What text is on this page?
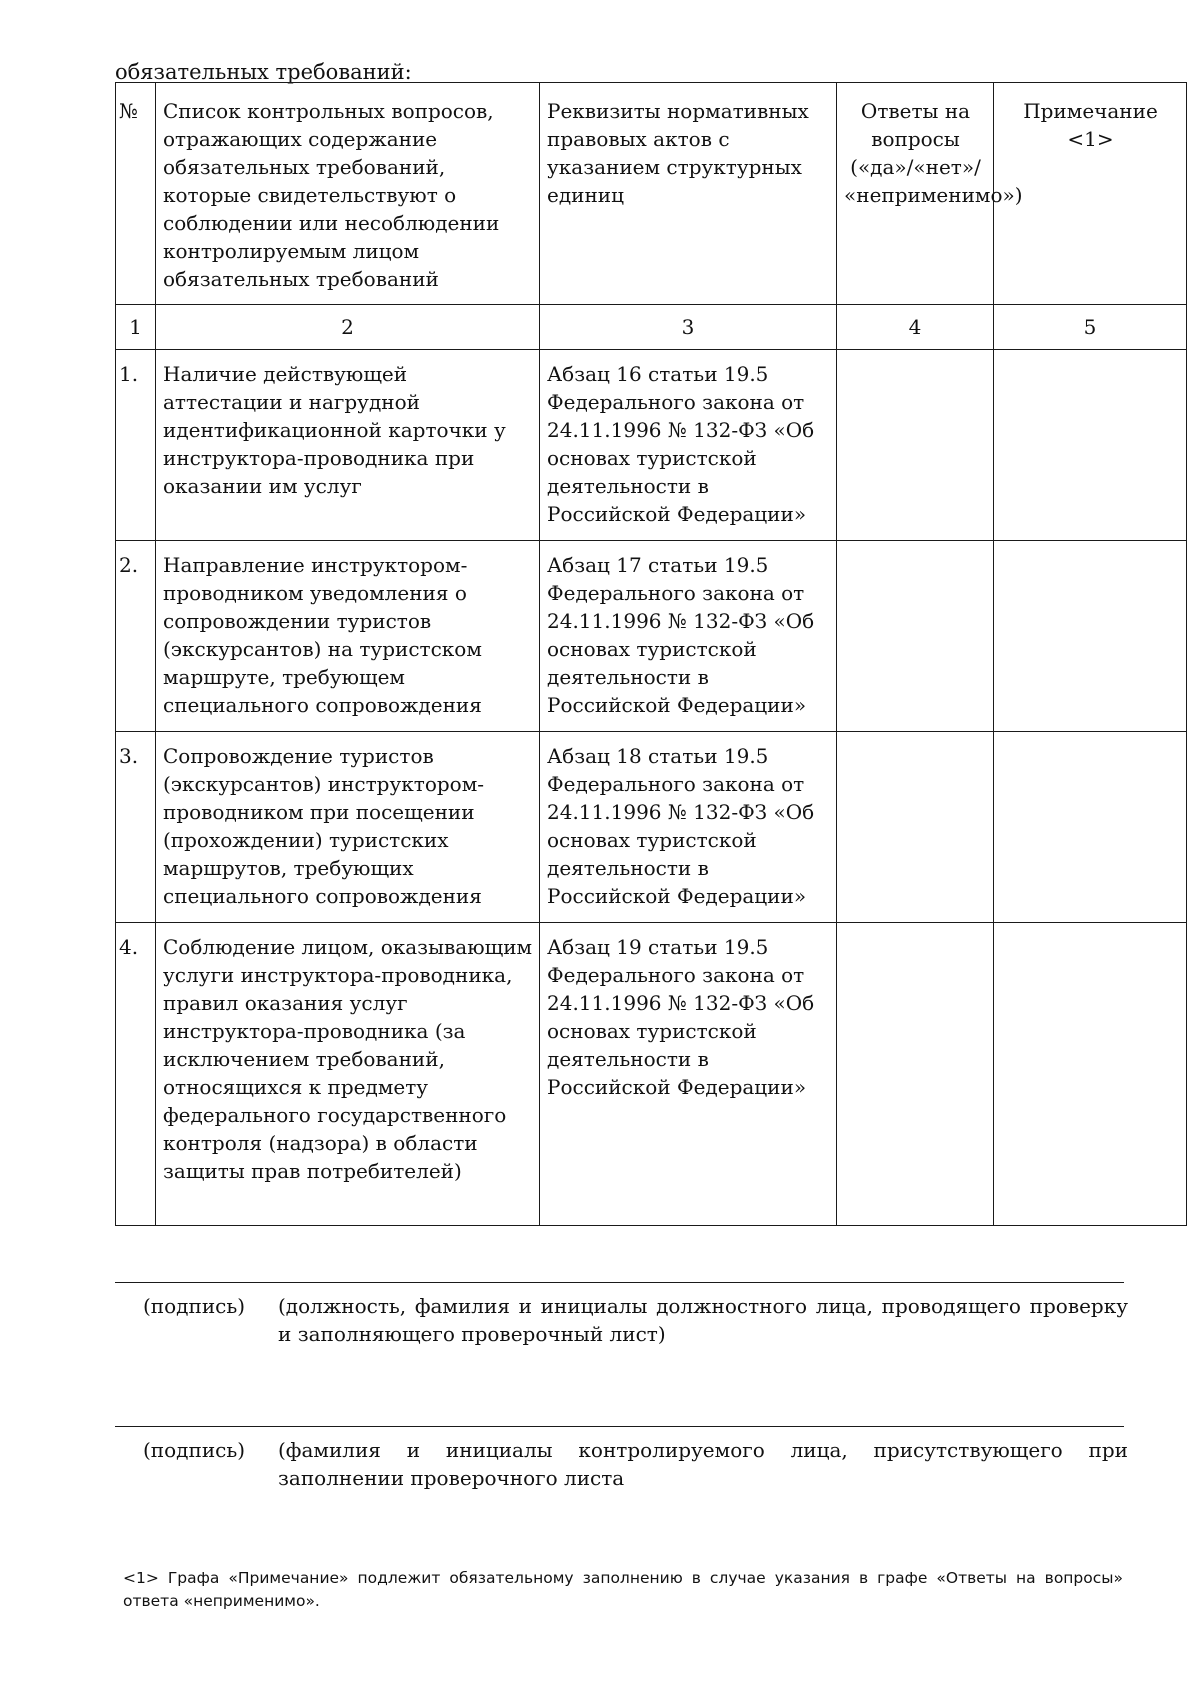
обязательных требований:
№	Список контрольных вопросов, отражающих содержание обязательных требований, которые свидетельствуют о соблюдении или несоблюдении контролируемым лицом обязательных требований	Реквизиты нормативных правовых актов с указанием структурных единиц	Ответы на вопросы («да»/«нет»/ «неприменимо»)	Примечание <1>
1	2	3	4	5
1.	Наличие действующей аттестации и нагрудной идентификационной карточки у инструктора-проводника при оказании им услуг	Абзац 16 статьи 19.5 Федерального закона от 24.11.1996 № 132-ФЗ «Об основах туристской деятельности в Российской Федерации»		
2.	Направление инструктором-проводником уведомления о сопровождении туристов (экскурсантов) на туристском маршруте, требующем специального сопровождения	Абзац 17 статьи 19.5 Федерального закона от 24.11.1996 № 132-ФЗ «Об основах туристской деятельности в Российской Федерации»		
3.	Сопровождение туристов (экскурсантов) инструктором-проводником при посещении (прохождении) туристских маршрутов, требующих специального сопровождения	Абзац 18 статьи 19.5 Федерального закона от 24.11.1996 № 132-ФЗ «Об основах туристской деятельности в Российской Федерации»		
4.	Соблюдение лицом, оказывающим услуги инструктора-проводника, правил оказания услуг инструктора-проводника (за исключением требований, относящихся к предмету федерального государственного контроля (надзора) в области защиты прав потребителей)	Абзац 19 статьи 19.5 Федерального закона от 24.11.1996 № 132-ФЗ «Об основах туристской деятельности в Российской Федерации»		
(подпись) (должность, фамилия и инициалы должностного лица, проводящего проверку и заполняющего проверочный лист)
(подпись) (фамилия и инициалы контролируемого лица, присутствующего при заполнении проверочного листа
<1> Графа «Примечание» подлежит обязательному заполнению в случае указания в графе «Ответы на вопросы» ответа «неприменимо».
